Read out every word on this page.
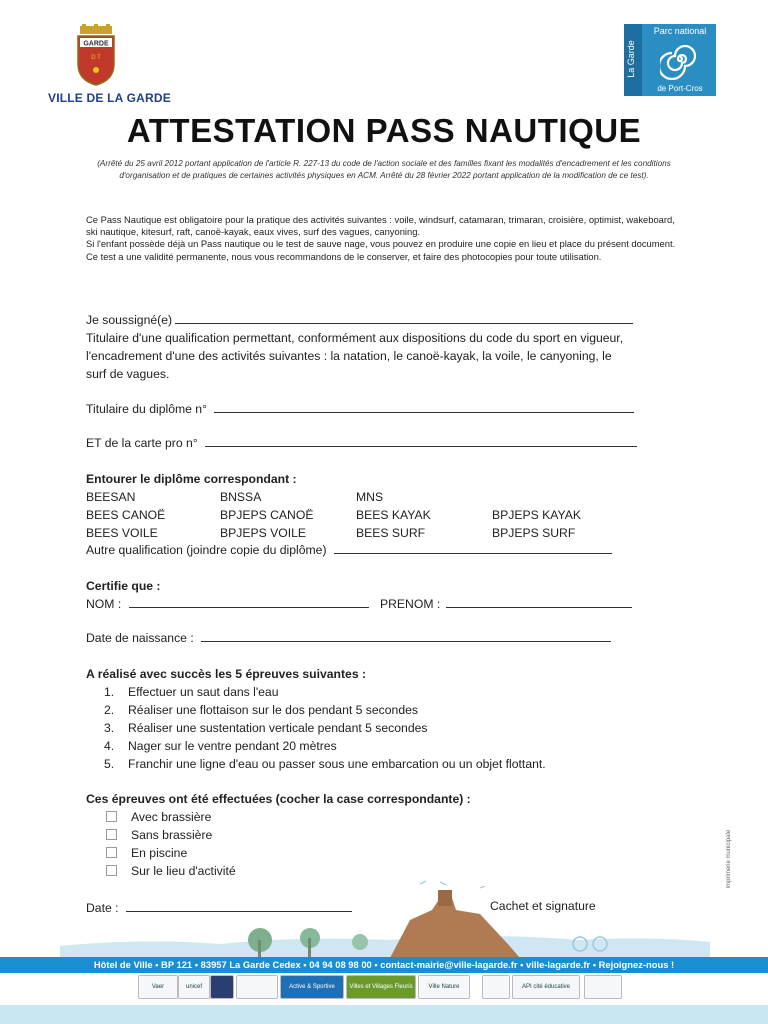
GARDE
D T
VILLE DE LA GARDE
La Garde
Parc national
de Port-Cros
ATTESTATION PASS NAUTIQUE
(Arrêté du 25 avril 2012 portant application de l'article R. 227-13 du code de l'action sociale et des familles fixant les modalités d'encadrement et les conditions d'organisation et de pratiques de certaines activités physiques en ACM. Arrêté du 28 février 2022 portant application de la modification de ce test).
Ce Pass Nautique est obligatoire pour la pratique des activités suivantes : voile, windsurf, catamaran, trimaran, croisière, optimist, wakeboard, ski nautique, kitesurf, raft, canoë-kayak, eaux vives, surf des vagues, canyoning.
Si l'enfant possède déjà un Pass nautique ou le test de sauve nage, vous pouvez en produire une copie en lieu et place du présent document.
Ce test a une validité permanente, nous vous recommandons de le conserver, et faire des photocopies pour toute utilisation.
Je soussigné(e)
Titulaire d'une qualification permettant, conformément aux dispositions du code du sport en vigueur, l'encadrement d'une des activités suivantes : la natation, le canoë-kayak, la voile, le canyoning, le surf de vagues.
Titulaire du diplôme n°
ET de la carte pro n°
Entourer le diplôme correspondant :
BEESAN	BNSSA	MNS
BEES CANOË	BPJEPS CANOË	BEES KAYAK	BPJEPS KAYAK
BEES VOILE	BPJEPS VOILE	BEES SURF	BPJEPS SURF
Autre qualification (joindre copie du diplôme)
Certifie que :
NOM :	PRENOM :
Date de naissance :
A réalisé avec succès les 5 épreuves suivantes :
1. Effectuer un saut dans l'eau
2. Réaliser une flottaison sur le dos pendant 5 secondes
3. Réaliser une sustentation verticale pendant 5 secondes
4. Nager sur le ventre pendant 20 mètres
5. Franchir une ligne d'eau ou passer sous une embarcation ou un objet flottant.
Ces épreuves ont été effectuées (cocher la case correspondante) :
Avec brassière
Sans brassière
En piscine
Sur le lieu d'activité
Date :	Cachet et signature
imprimerie municipale
Hôtel de Ville • BP 121 • 83957 La Garde Cedex • 04 94 08 98 00 • contact-mairie@ville-lagarde.fr • ville-lagarde.fr • Rejoignez-nous !
Vaer	unicef	Active & Sportive	Villes et Villages Fleuris	Ville Nature	API cité éducative
